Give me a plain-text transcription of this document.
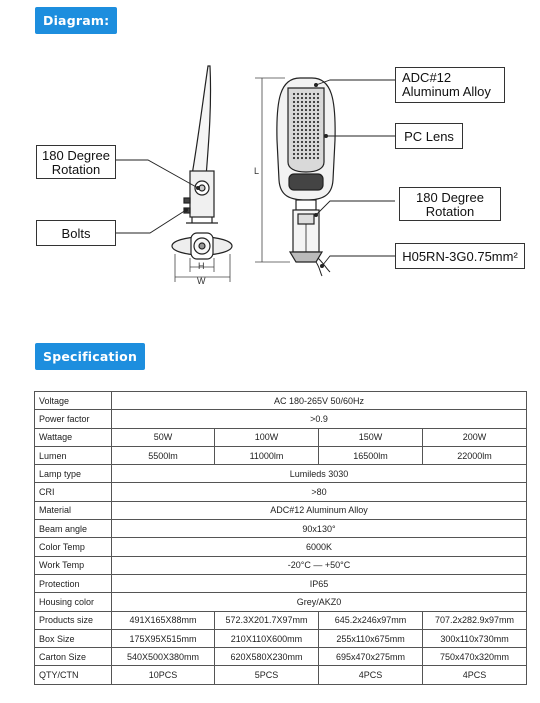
Diagram:
H
W
L
180 Degree
Rotation
Bolts
ADC#12
Aluminum Alloy
PC Lens
180 Degree
Rotation
H05RN-3G0.75mm²
Specification
Voltage	AC 180-265V 50/60Hz			
Power factor	>0.9			
Wattage	50W	100W	150W	200W
Lumen	5500lm	11000lm	16500lm	22000lm
Lamp type	Lumileds 3030			
CRI	>80			
Material	ADC#12 Aluminum Alloy			
Beam angle	90x130°			
Color Temp	6000K			
Work Temp	-20°C — +50°C			
Protection	IP65			
Housing color	Grey/AKZ0			
Products size	491X165X88mm	572.3X201.7X97mm	645.2x246x97mm	707.2x282.9x97mm
Box Size	175X95X515mm	210X110X600mm	255x110x675mm	300x110x730mm
Carton Size	540X500X380mm	620X580X230mm	695x470x275mm	750x470x320mm
QTY/CTN	10PCS	5PCS	4PCS	4PCS
